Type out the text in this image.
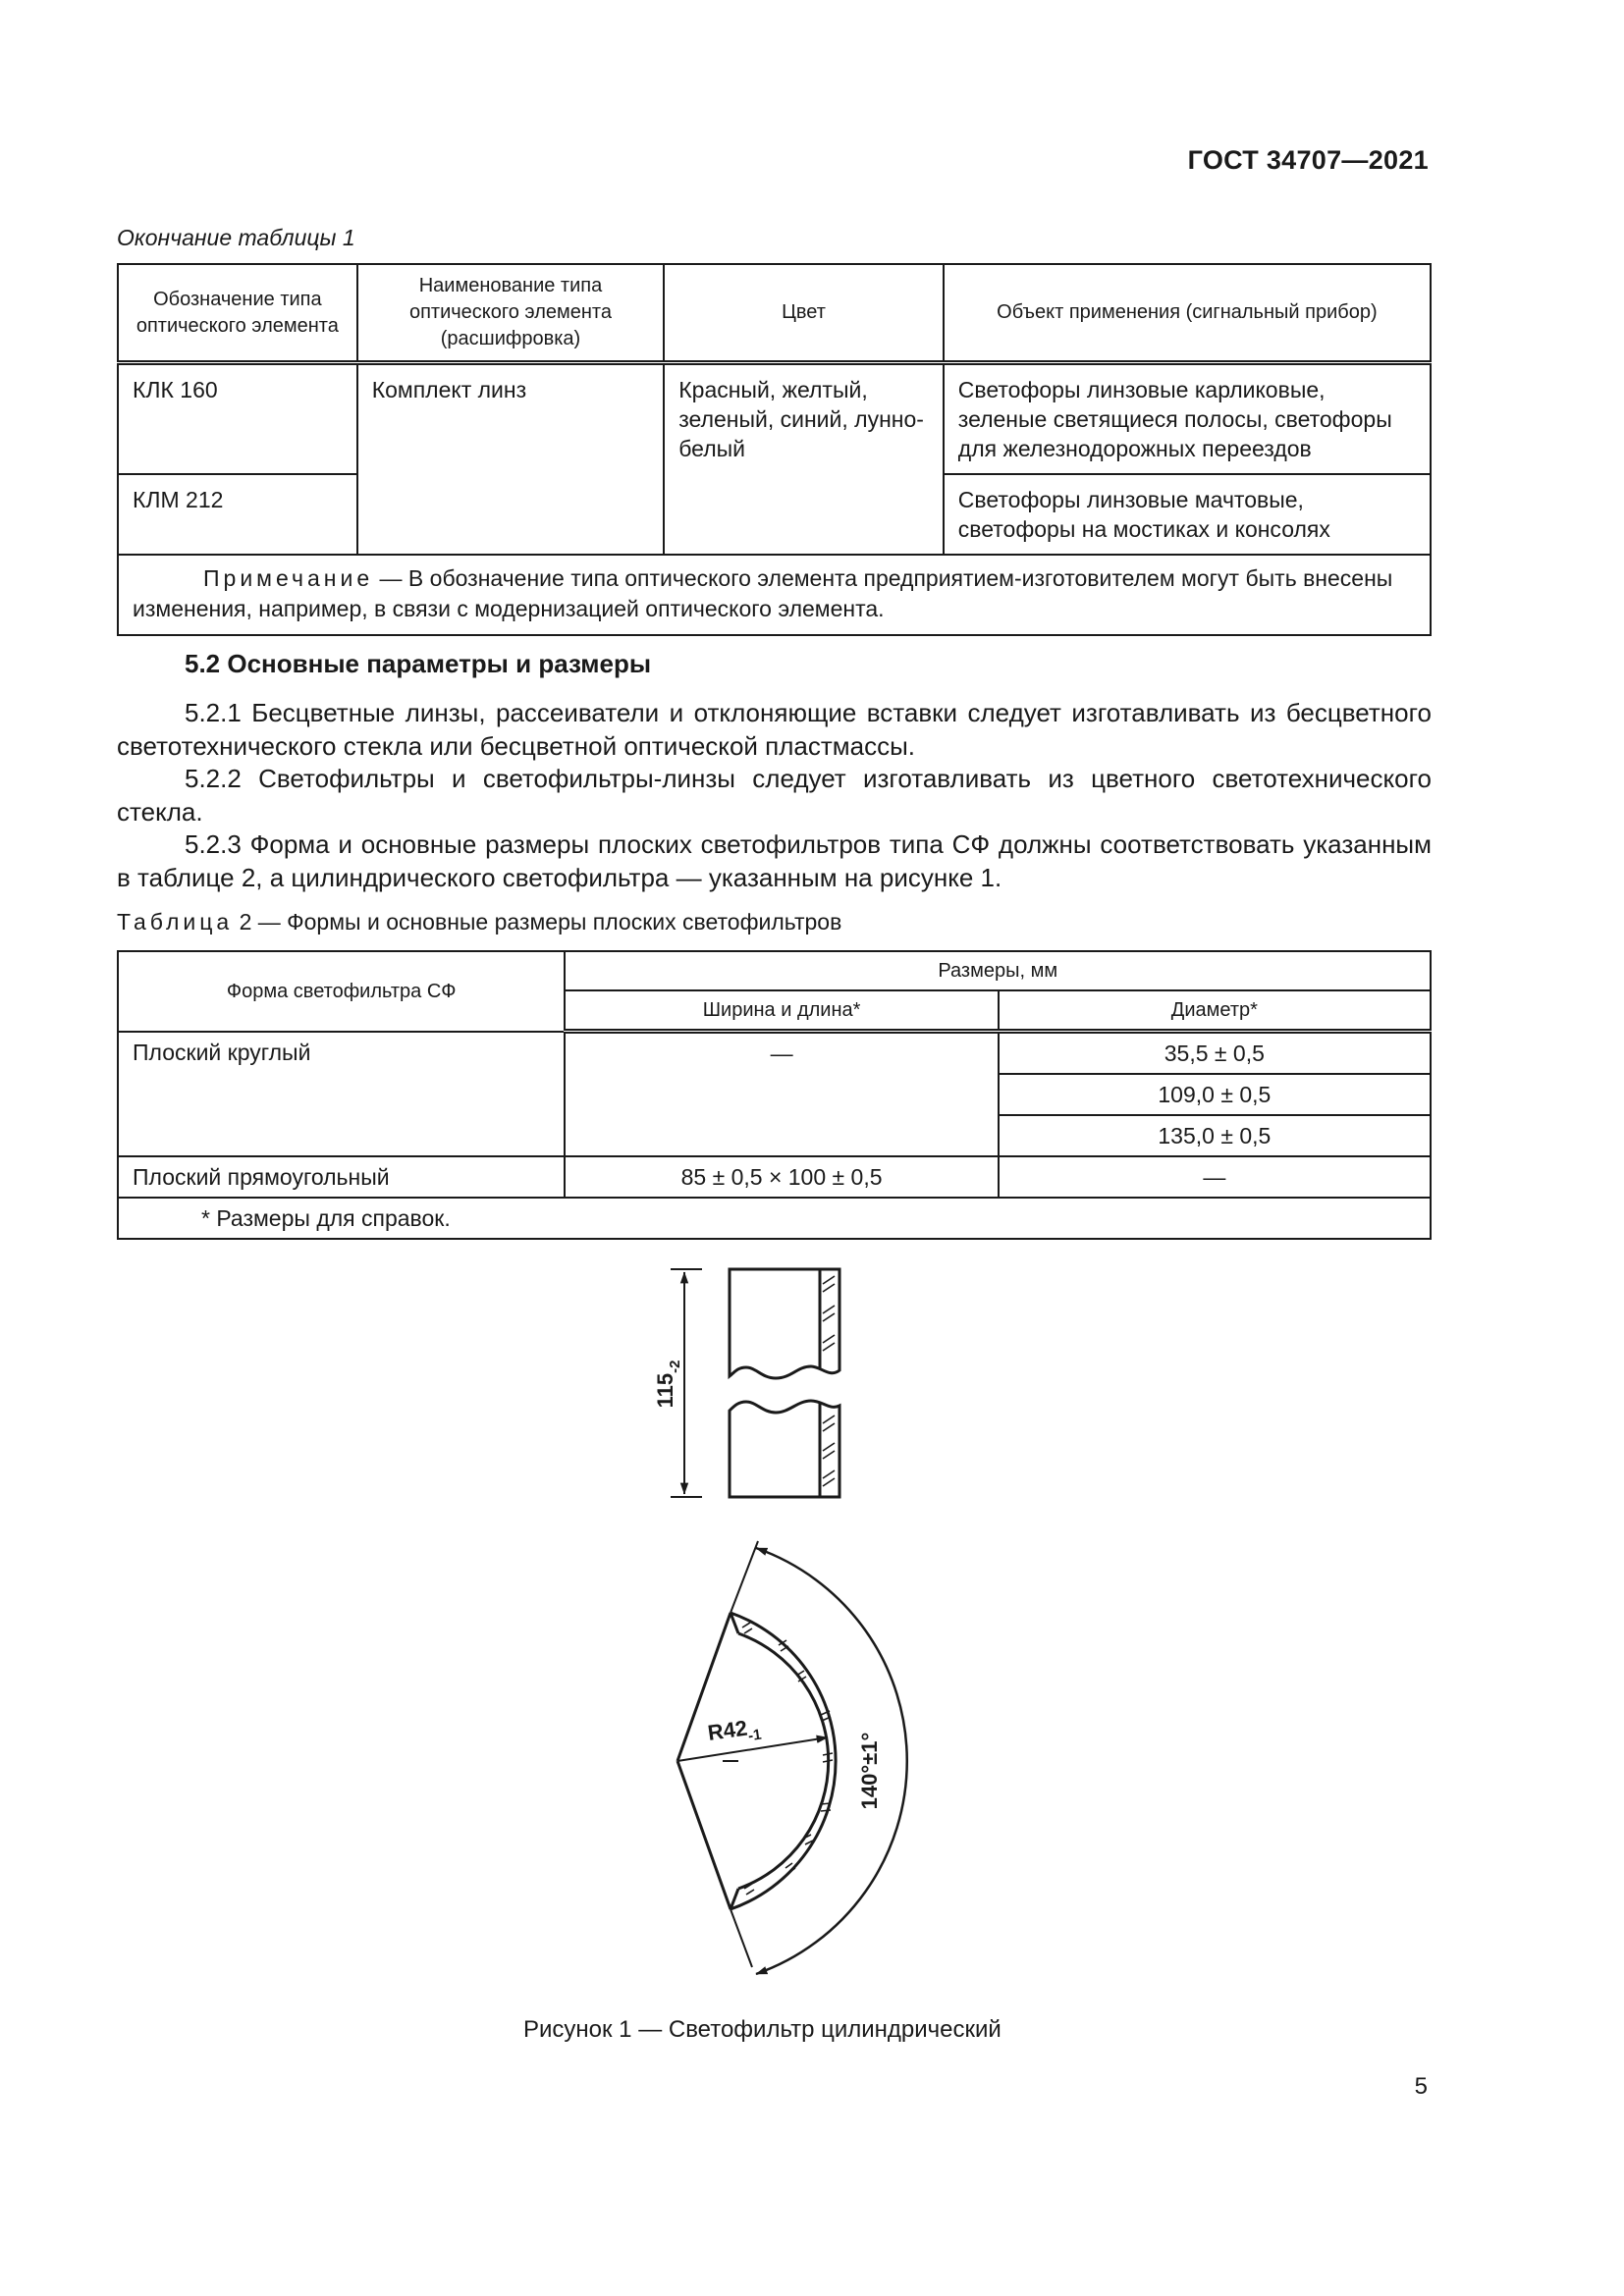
ГОСТ 34707—2021
Окончание таблицы 1
Обозначение типа оптического элемента	Наименование типа оптического элемента (расшифровка)	Цвет	Объект применения (сигнальный прибор)
КЛК 160	Комплект линз	Красный, желтый, зеленый, синий, лунно-белый	Светофоры линзовые карликовые, зеленые светящиеся полосы, светофоры для железнодорожных переездов
КЛМ 212			Светофоры линзовые мачтовые, светофоры на мостиках и консолях
Примечание — В обозначение типа оптического элемента предприятием-изготовителем могут быть внесены изменения, например, в связи с модернизацией оптического элемента.			
5.2 Основные параметры и размеры
5.2.1 Бесцветные линзы, рассеиватели и отклоняющие вставки следует изготавливать из бесцветного светотехнического стекла или бесцветной оптической пластмассы.
5.2.2 Светофильтры и светофильтры-линзы следует изготавливать из цветного светотехнического стекла.
5.2.3 Форма и основные размеры плоских светофильтров типа СФ должны соответствовать указанным в таблице 2, а цилиндрического светофильтра — указанным на рисунке 1.
Таблица 2 — Формы и основные размеры плоских светофильтров
Форма светофильтра СФ	Размеры, мм	
	Ширина и длина*	Диаметр*
Плоский круглый	—	35,5 ± 0,5
		109,0 ± 0,5
		135,0 ± 0,5
Плоский прямоугольный	85 ± 0,5 × 100 ± 0,5	—
* Размеры для справок.		
$115_{-2}$
$R42_{-1}$	140°±1°
Рисунок 1 — Светофильтр цилиндрический
5
